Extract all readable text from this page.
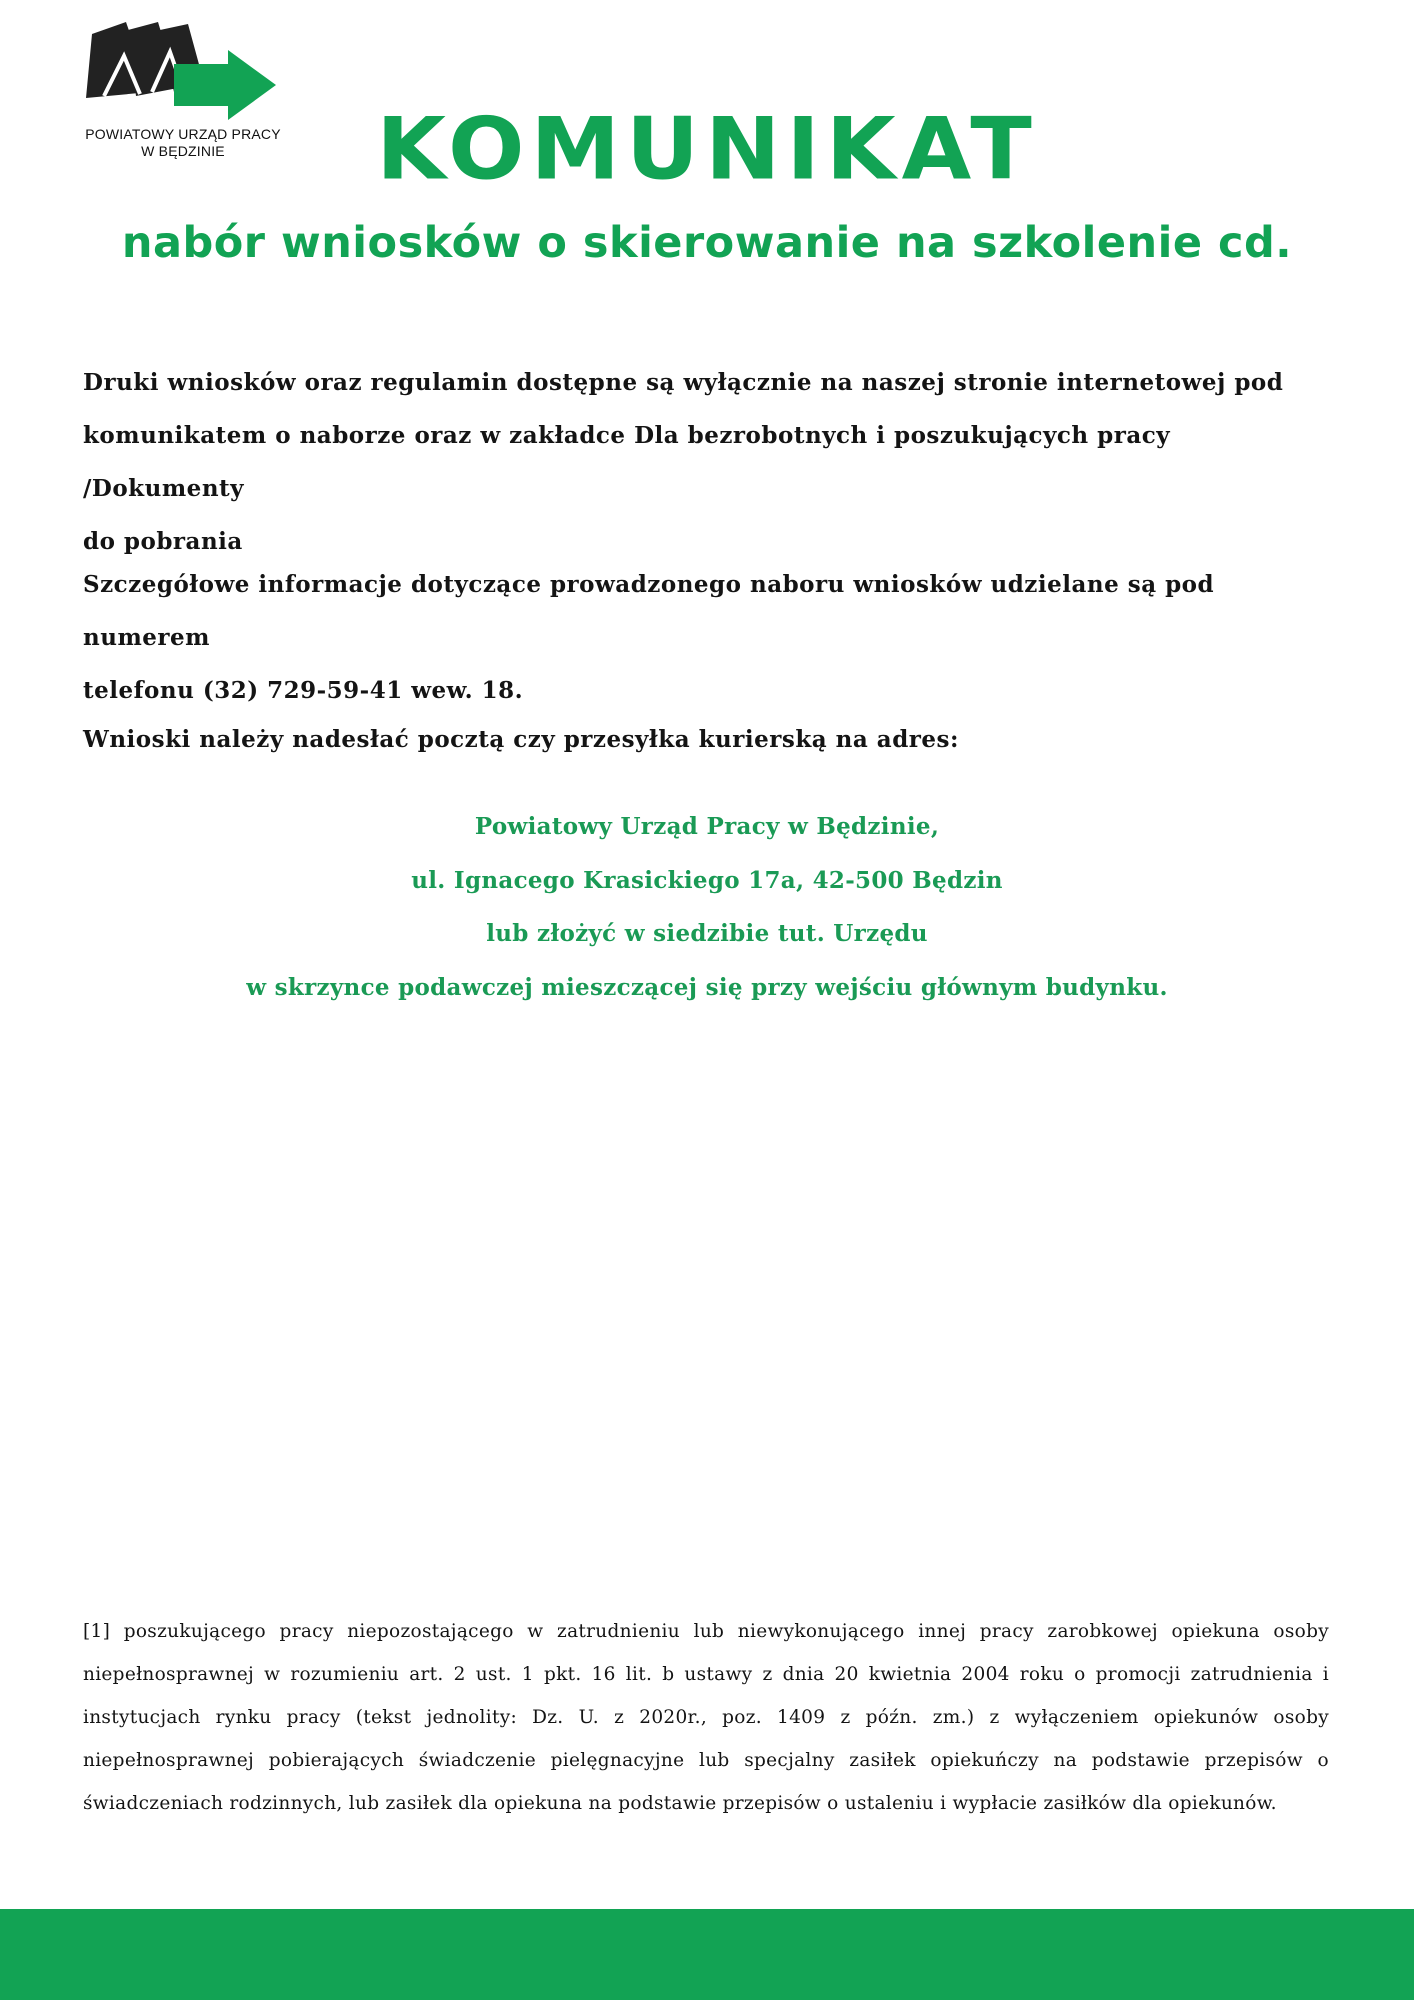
POWIATOWY URZĄD PRACY
W BĘDZINIE	KOMUNIKAT
nabór wniosków o skierowanie na szkolenie cd.
Druki wniosków oraz regulamin dostępne są wyłącznie na naszej stronie internetowej pod
komunikatem o naborze oraz w zakładce Dla bezrobotnych i poszukujących pracy /Dokumenty
do pobrania
Szczegółowe informacje dotyczące prowadzonego naboru wniosków udzielane są pod numerem
telefonu (32) 729-59-41 wew. 18.
Wnioski należy nadesłać pocztą czy przesyłka kurierską na adres:
Powiatowy Urząd Pracy w Będzinie,
ul. Ignacego Krasickiego 17a, 42-500 Będzin
lub złożyć w siedzibie tut. Urzędu
w skrzynce podawczej mieszczącej się przy wejściu głównym budynku.
[1] poszukującego pracy niepozostającego w zatrudnieniu lub niewykonującego innej pracy zarobkowej opiekuna osoby niepełnosprawnej w rozumieniu art. 2 ust. 1 pkt. 16 lit. b ustawy z dnia 20 kwietnia 2004 roku o promocji zatrudnienia i instytucjach rynku pracy (tekst jednolity: Dz. U. z 2020r., poz. 1409 z późn. zm.) z wyłączeniem opiekunów osoby niepełnosprawnej pobierających świadczenie pielęgnacyjne lub specjalny zasiłek opiekuńczy na podstawie przepisów o świadczeniach rodzinnych, lub zasiłek dla opiekuna na podstawie przepisów o ustaleniu i wypłacie zasiłków dla opiekunów.
